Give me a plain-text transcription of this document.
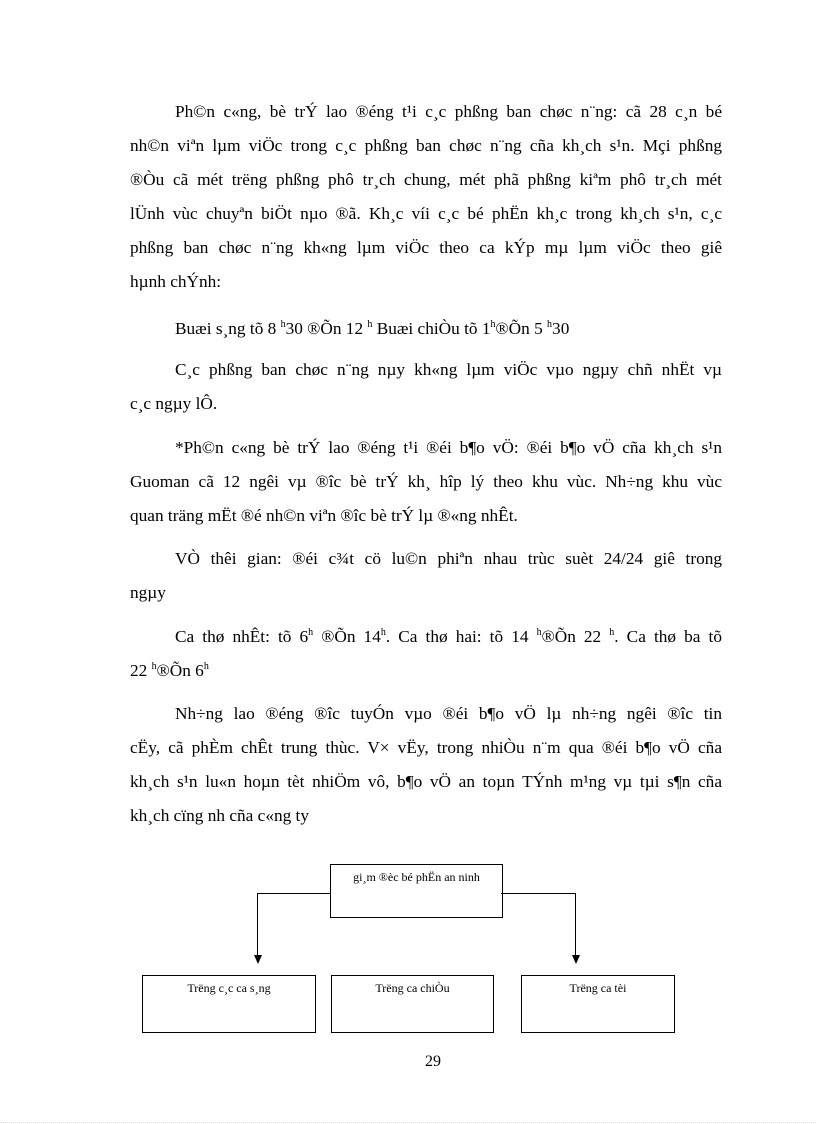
Ph©n c«ng, bè trÝ lao ®éng t¹i c¸c phßng ban chøc n¨ng: cã 28 c¸n bé
nh©n viªn lµm viÖc trong c¸c phßng ban chøc n¨ng cña kh¸ch s¹n. Mçi phßng
®Òu cã mét trëng phßng phô tr¸ch chung, mét phã phßng kiªm phô tr¸ch mét
lÜnh vùc chuyªn biÖt nµo ®ã. Kh¸c víi c¸c bé phËn kh¸c trong kh¸ch s¹n, c¸c
phßng ban chøc n¨ng kh«ng lµm viÖc theo ca kÝp mµ lµm viÖc theo giê
hµnh chÝnh:
Buæi s¸ng tõ 8 $^h$30 ®Õn 12 $^h$ Buæi chiÒu tõ 1$^h$®Õn 5 $^h$30
C¸c phßng ban chøc n¨ng nµy kh«ng lµm viÖc vµo ngµy chñ nhËt vµ
c¸c ngµy lÔ.
*Ph©n c«ng bè trÝ lao ®éng t¹i ®éi b¶o vÖ: ®éi b¶o vÖ cña kh¸ch s¹n
Guoman cã 12 ngêi vµ ®îc bè trÝ kh¸ hîp lý theo khu vùc. Nh÷ng khu vùc
quan träng mËt ®é nh©n viªn ®îc bè trÝ lµ ®«ng nhÊt.
VÒ thêi gian: ®éi c¾t cö lu©n phiªn nhau trùc suèt 24/24 giê trong
ngµy
Ca thø nhÊt: tõ 6$^h$ ®Õn 14$^h$. Ca thø hai: tõ 14 $^h$®Õn 22 $^h$. Ca thø ba tõ
22 $^h$®Õn 6$^h$
Nh÷ng lao ®éng ®îc tuyÓn vµo ®éi b¶o vÖ lµ nh÷ng ngêi ®îc tin
cËy, cã phÈm chÊt trung thùc. V× vËy, trong nhiÒu n¨m qua ®éi b¶o vÖ cña
kh¸ch s¹n lu«n hoµn tèt nhiÖm vô, b¶o vÖ an toµn TÝnh m¹ng vµ tµi s¶n cña
kh¸ch cïng nh cña c«ng ty
gi¸m ®èc bé phËn an ninh
Trëng c¸c ca s¸ng	Trëng ca chiÒu	Trëng ca tèi
29
